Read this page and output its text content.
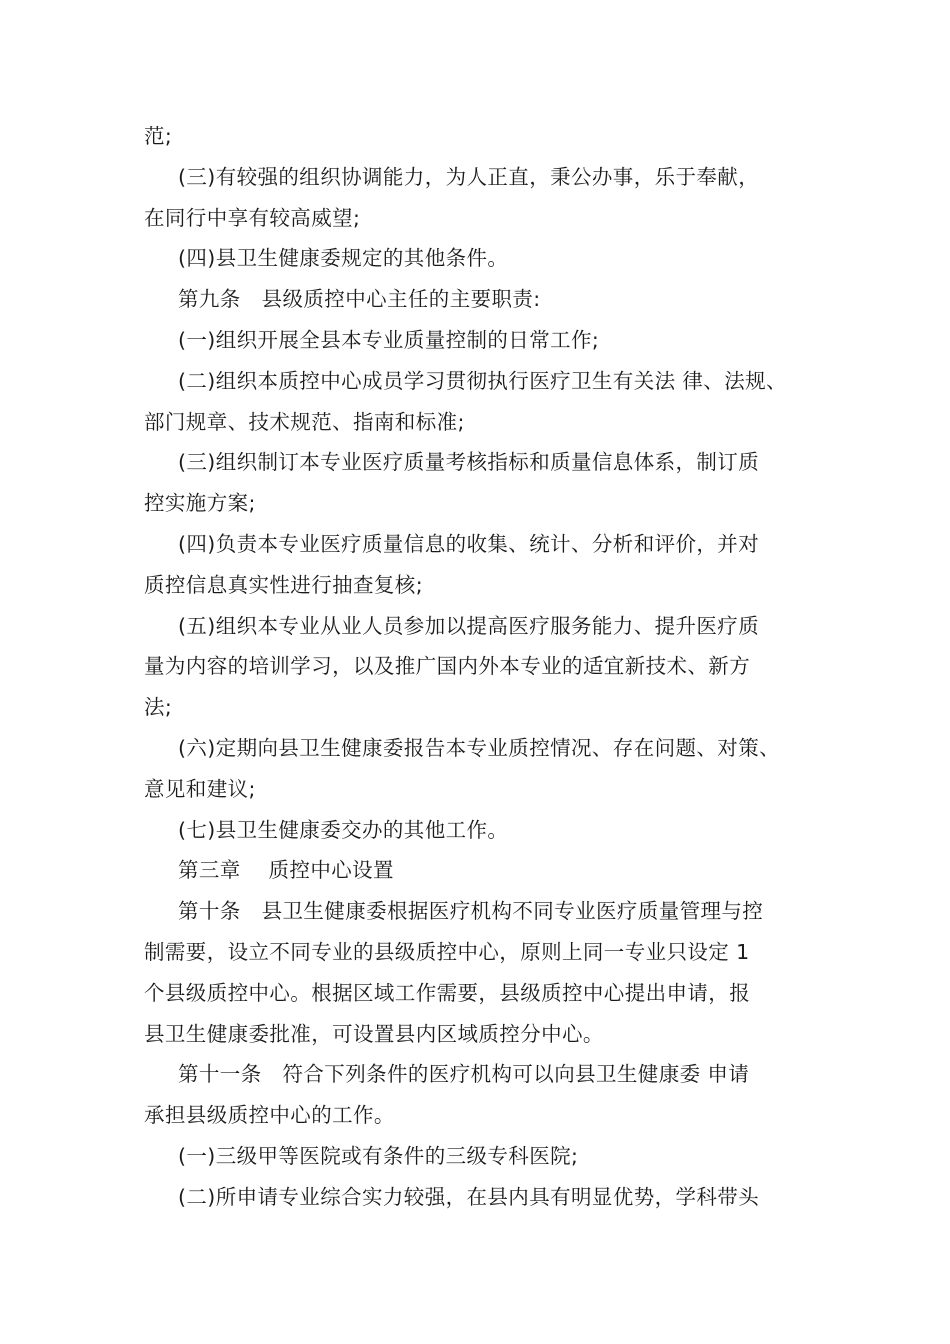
范;
(三)有较强的组织协调能力，为人正直，秉公办事，乐于奉献，
在同行中享有较高威望;
(四)县卫生健康委规定的其他条件。
第九条　县级质控中心主任的主要职责:
(一)组织开展全县本专业质量控制的日常工作;
(二)组织本质控中心成员学习贯彻执行医疗卫生有关法 律、法规、
部门规章、技术规范、指南和标准;
(三)组织制订本专业医疗质量考核指标和质量信息体系，制订质
控实施方案;
(四)负责本专业医疗质量信息的收集、统计、分析和评价，并对
质控信息真实性进行抽查复核;
(五)组织本专业从业人员参加以提高医疗服务能力、提升医疗质
量为内容的培训学习，以及推广国内外本专业的适宜新技术、新方
法;
(六)定期向县卫生健康委报告本专业质控情况、存在问题、对策、
意见和建议;
(七)县卫生健康委交办的其他工作。
第三章　 质控中心设置
第十条　县卫生健康委根据医疗机构不同专业医疗质量管理与控
制需要，设立不同专业的县级质控中心，原则上同一专业只设定 1
个县级质控中心。根据区域工作需要，县级质控中心提出申请，报
县卫生健康委批准，可设置县内区域质控分中心。
第十一条　符合下列条件的医疗机构可以向县卫生健康委 申请
承担县级质控中心的工作。
(一)三级甲等医院或有条件的三级专科医院;
(二)所申请专业综合实力较强，在县内具有明显优势，学科带头
